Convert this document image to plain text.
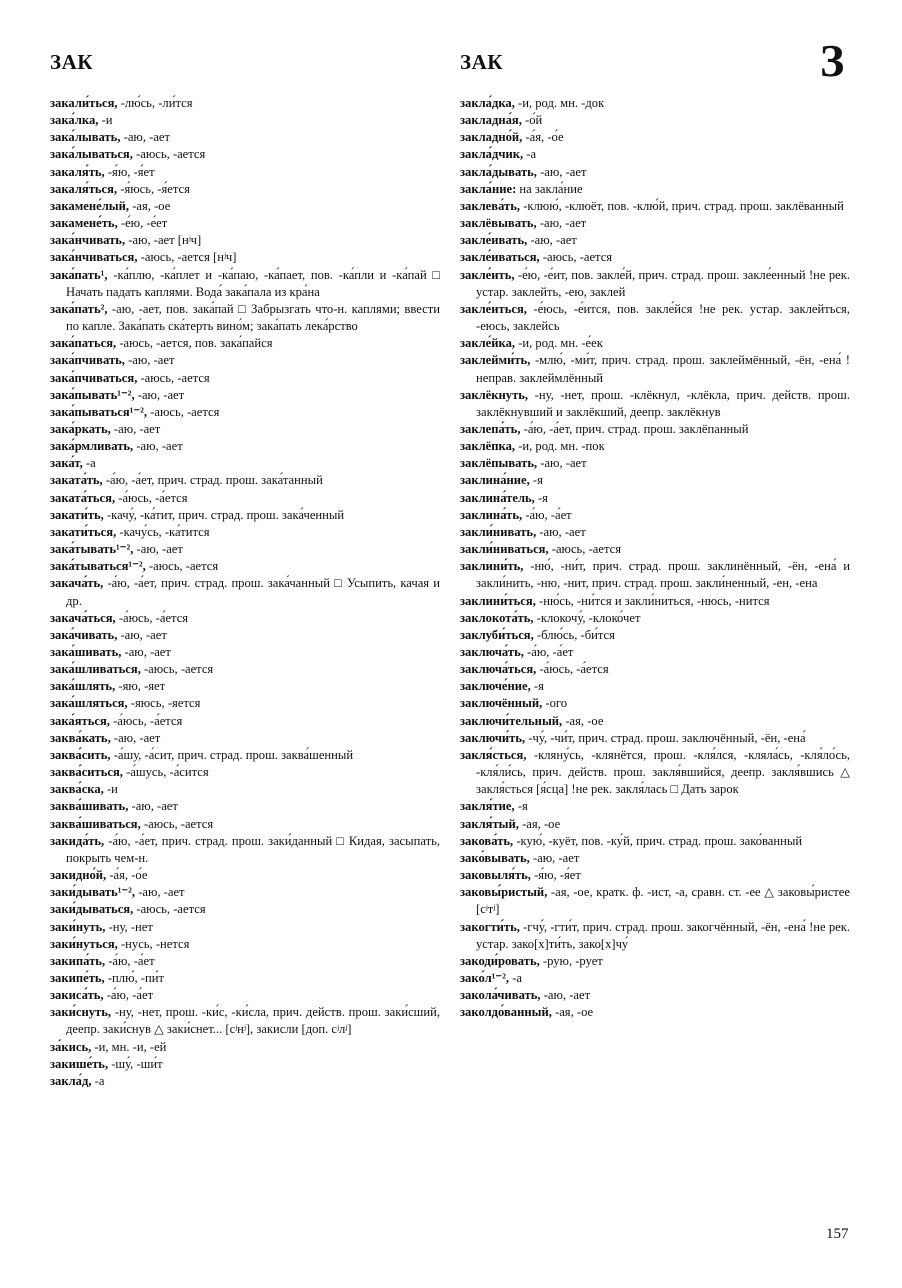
ЗАК	ЗАК	З

закали́ться, -лю́сь, -ли́тся

зака́лка, -и

зака́лывать, -аю, -ает

зака́лываться, -аюсь, -ается

закаля́ть, -я́ю, -я́ет

закаля́ться, -я́юсь, -я́ется

закамене́лый, -ая, -ое

закамене́ть, -е́ю, -е́ет

зака́нчивать, -аю, -ает [нʲч]

зака́нчиваться, -аюсь, -ается [нʲч]

зака́пать¹, -ка́плю, -ка́плет и -ка́паю, -ка́пает, пов. -ка́пли и -ка́пай □ Начать падать каплями. Вода́ зака́пала из кра́на

зака́пать², -аю, -ает, пов. зака́пай □ Забрызгать что-н. каплями; ввести по капле. Зака́пать ска́терть вино́м; зака́пать лека́рство

зака́паться, -аюсь, -ается, пов. зака́пайся

зака́пчивать, -аю, -ает

зака́пчиваться, -аюсь, -ается

зака́пывать¹⁻², -аю, -ает

зака́пываться¹⁻², -аюсь, -ается

зака́ркать, -аю, -ает

зака́рмливать, -аю, -ает

зака́т, -а

заката́ть, -а́ю, -а́ет, прич. страд. прош. зака́танный

заката́ться, -а́юсь, -а́ется

закати́ть, -качу́, -ка́тит, прич. страд. прош. зака́ченный

закати́ться, -качу́сь, -ка́тится

зака́тывать¹⁻², -аю, -ает

зака́тываться¹⁻², -аюсь, -ается

закача́ть, -а́ю, -а́ет, прич. страд. прош. зака́чанный □ Усыпить, качая и др.

закача́ться, -а́юсь, -а́ется

зака́чивать, -аю, -ает

зака́шивать, -аю, -ает

зака́шливаться, -аюсь, -ается

зака́шлять, -яю, -яет

зака́шляться, -яюсь, -яется

зака́яться, -а́юсь, -а́ется

заква́кать, -аю, -ает

заква́сить, -а́шу, -а́сит, прич. страд. прош. заква́шенный

заква́ситься, -а́шусь, -а́сится

заква́ска, -и

заква́шивать, -аю, -ает

заква́шиваться, -аюсь, -ается

закида́ть, -а́ю, -а́ет, прич. страд. прош. заки́данный □ Кидая, засыпать, покрыть чем-н.

закидно́й, -а́я, -о́е

заки́дывать¹⁻², -аю, -ает

заки́дываться, -аюсь, -ается

заки́нуть, -ну, -нет

заки́нуться, -нусь, -нется

закипа́ть, -а́ю, -а́ет

закипе́ть, -плю́, -пи́т

закиса́ть, -а́ю, -а́ет

заки́снуть, -ну, -нет, прош. -ки́с, -ки́сла, прич. действ. прош. заки́сший, деепр. заки́снув △ заки́снет... [сʲнʲ], закисли [доп. сʲлʲ]

за́кись, -и, мн. -и, -ей

закише́ть, -шу́, -ши́т

закла́д, -а

закла́дка, -и, род. мн. -док

закладна́я, -о́й

закладно́й, -а́я, -о́е

закла́дчик, -а

закла́дывать, -аю, -ает

закла́ние: на закла́ние

заклева́ть, -клюю́, -клюёт, пов. -клю́й, прич. страд. прош. заклёванный

заклёвывать, -аю, -ает

закле́ивать, -аю, -ает

закле́иваться, -аюсь, -ается

закле́ить, -е́ю, -е́ит, пов. закле́й, прич. страд. прош. закле́енный !не рек. устар. заклейть, -ею, заклей

закле́иться, -е́юсь, -е́ится, пов. закле́йся !не рек. устар. заклейться, -еюсь, заклейсь

закле́йка, -и, род. мн. -е́ек

заклейми́ть, -млю́, -ми́т, прич. страд. прош. заклеймённый, -ён, -ена́ !неправ. заклеймлённый

заклёкнуть, -ну, -нет, прош. -клёкнул, -клёкла, прич. действ. прош. заклёкнувший и заклёкший, деепр. заклёкнув

заклепа́ть, -а́ю, -а́ет, прич. страд. прош. заклёпанный

заклёпка, -и, род. мн. -пок

заклёпывать, -аю, -ает

заклина́ние, -я

заклина́тель, -я

заклина́ть, -а́ю, -а́ет

закли́нивать, -аю, -ает

закли́ниваться, -аюсь, -ается

заклини́ть, -ню́, -ни́т, прич. страд. прош. заклинённый, -ён, -ена́ и закли́нить, -ню, -нит, прич. страд. прош. закли́ненный, -ен, -ена

заклини́ться, -ню́сь, -ни́тся и закли́ниться, -нюсь, -нится

заклокота́ть, -клокочу́, -клоко́чет

заклуби́ться, -блю́сь, -би́тся

заключа́ть, -а́ю, -а́ет

заключа́ться, -а́юсь, -а́ется

заключе́ние, -я

заключённый, -ого

заключи́тельный, -ая, -ое

заключи́ть, -чу́, -чи́т, прич. страд. прош. заключённый, -ён, -ена́

закля́сться, -кляну́сь, -клянётся, прош. -кля́лся, -кляла́сь, -кля́ло́сь, -кля́ли́сь, прич. действ. прош. закля́вшийся, деепр. закля́вшись △ закля́сться [я́сца] !не рек. закля́лась □ Дать зарок

закля́тие, -я

закля́тый, -ая, -ое

закова́ть, -кую́, -куёт, пов. -ку́й, прич. страд. прош. зако́ванный

зако́вывать, -аю, -ает

заковыля́ть, -я́ю, -я́ет

заковы́ристый, -ая, -ое, кратк. ф. -ист, -а, сравн. ст. -ее △ заковы́ристее [сʲтʲ]

закогти́ть, -гчу́, -гти́т, прич. страд. прош. закогчённый, -ён, -ена́ !не рек. устар. зако[х]ти́ть, зако[х]чу́

закоди́ровать, -рую, -рует

зако́л¹⁻², -а

закола́чивать, -аю, -ает

заколдо́ванный, -ая, -ое

157
